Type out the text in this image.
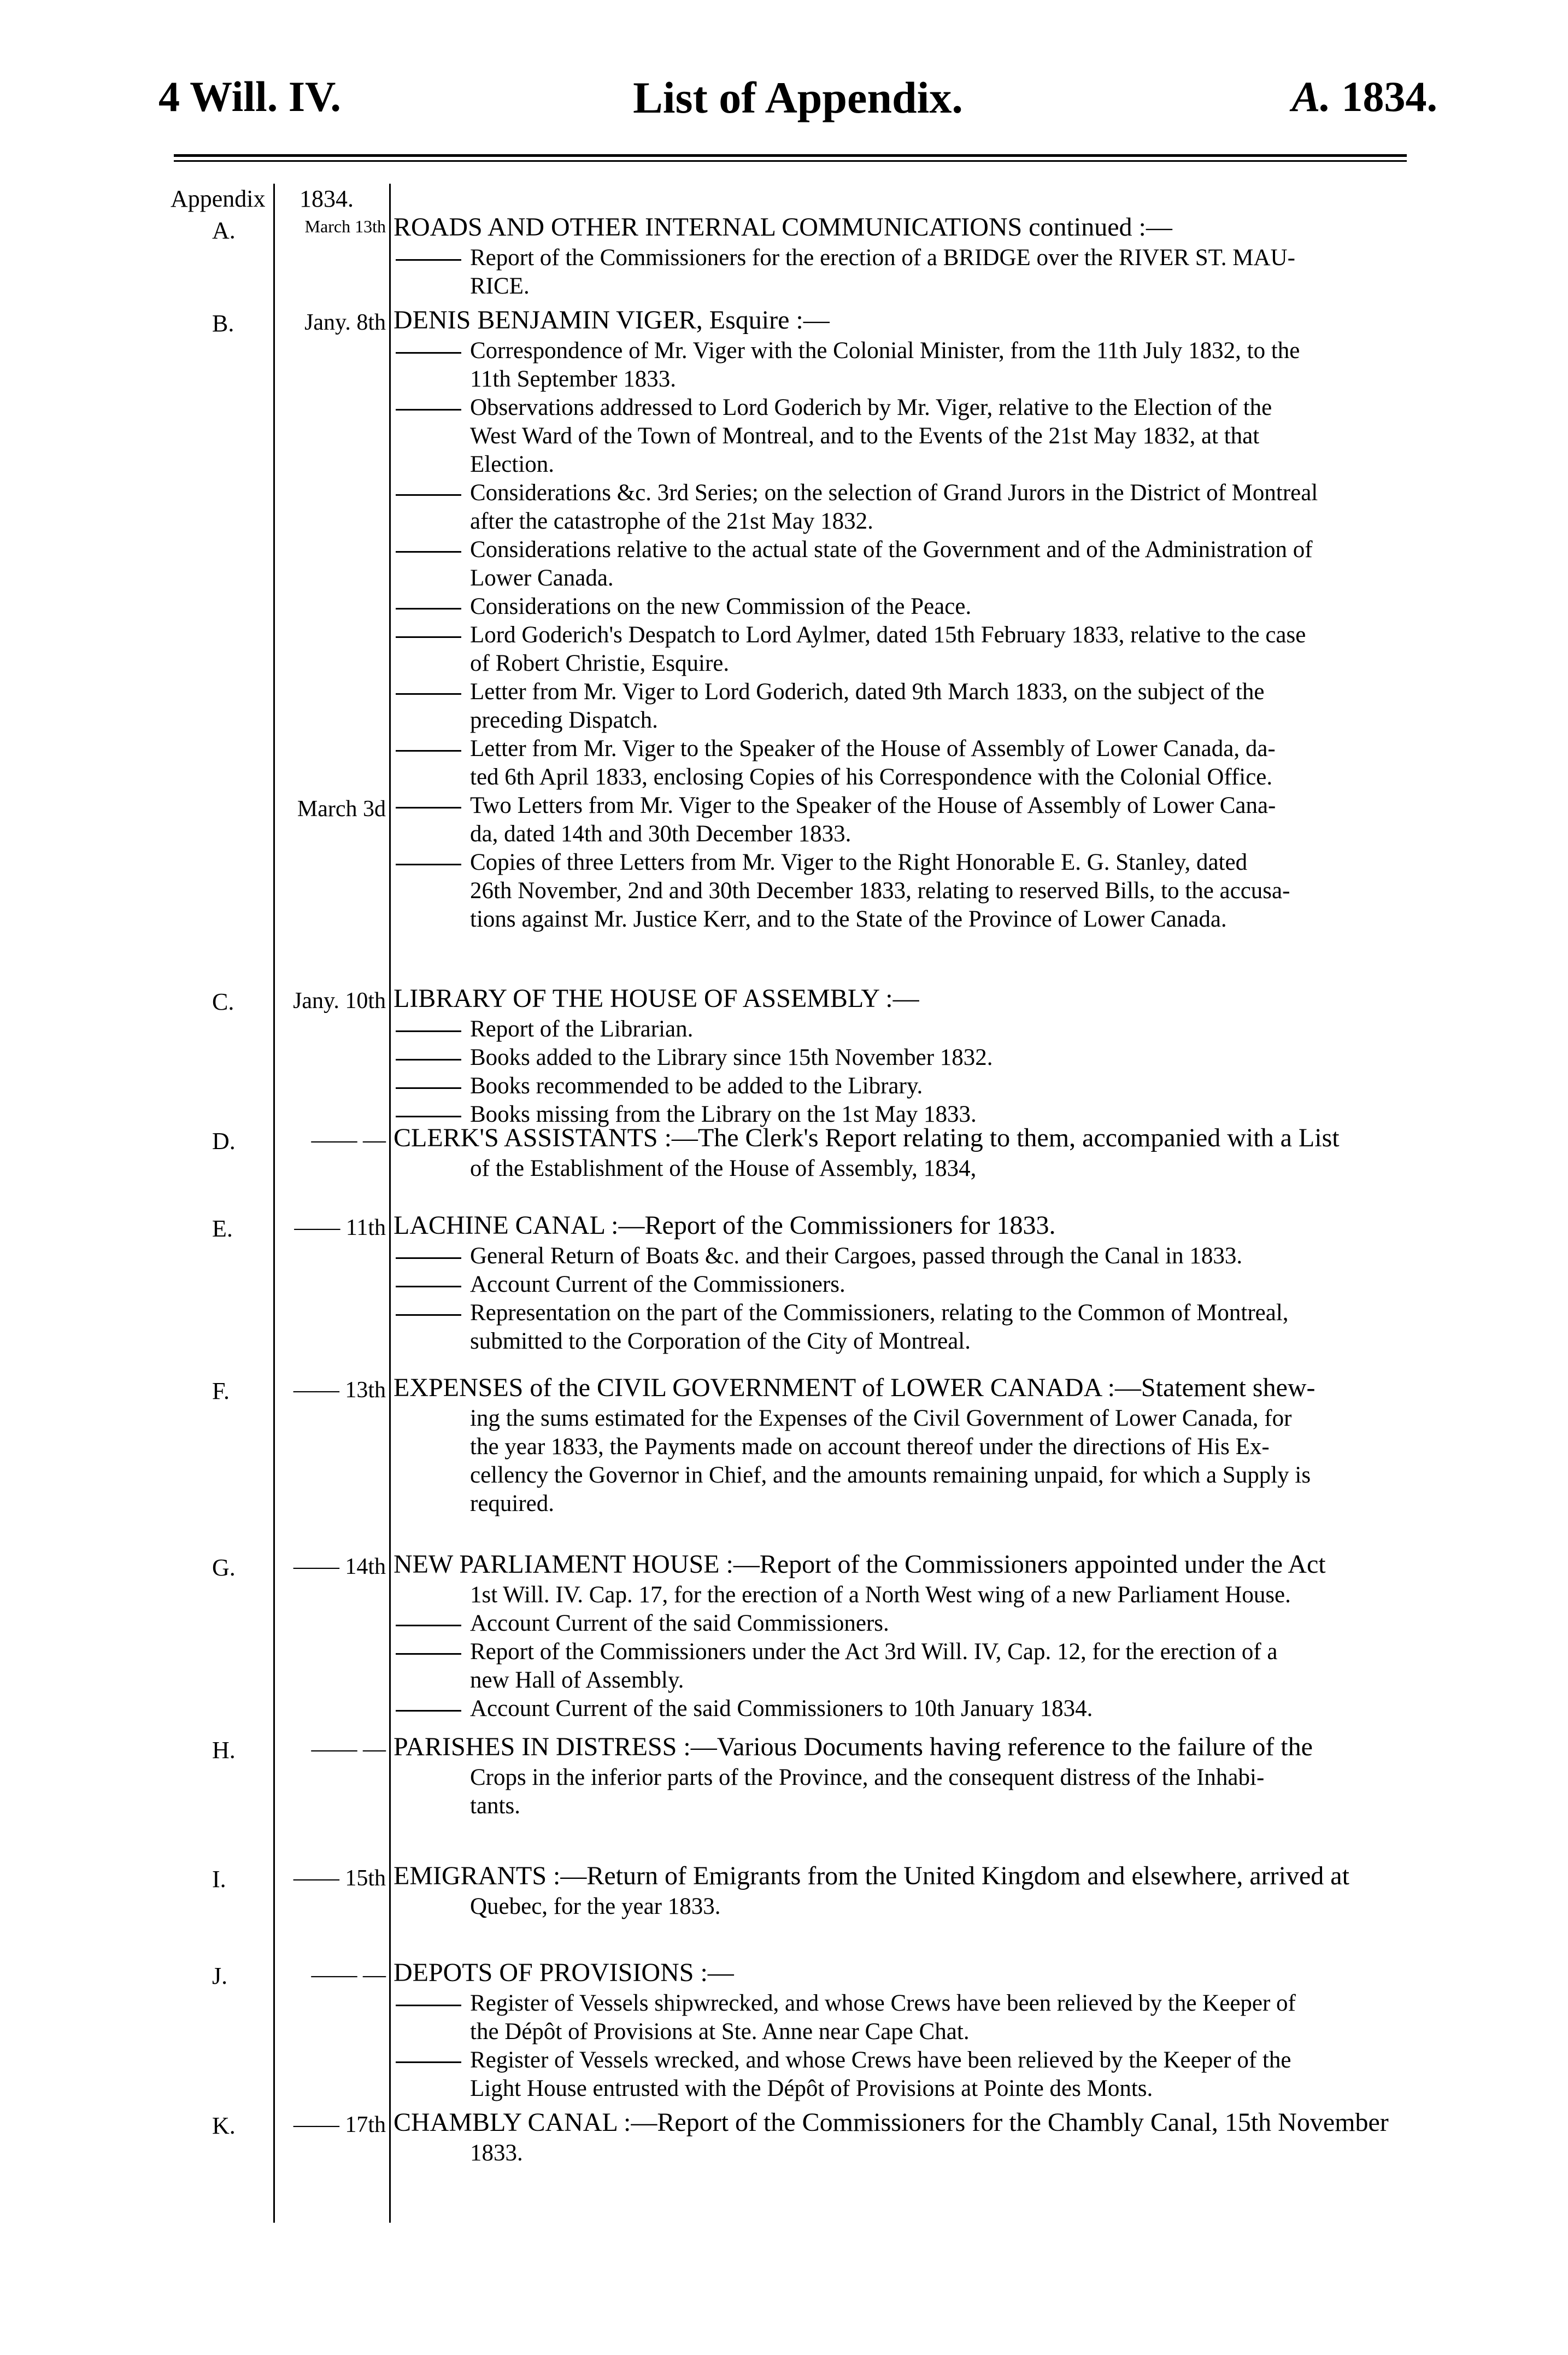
4 Will. IV.	List of Appendix.	A. 1834.
Appendix 1834.
A.	March 13th ROADS AND OTHER INTERNAL COMMUNICATIONS continued :—
Report of the Commissioners for the erection of a BRIDGE over the RIVER ST. MAU-
RICE.
B.	Jany. 8th DENIS BENJAMIN VIGER, Esquire :—
Correspondence of Mr. Viger with the Colonial Minister, from the 11th July 1832, to the
11th September 1833.
Observations addressed to Lord Goderich by Mr. Viger, relative to the Election of the
West Ward of the Town of Montreal, and to the Events of the 21st May 1832, at that
Election.
Considerations &c. 3rd Series; on the selection of Grand Jurors in the District of Montreal
after the catastrophe of the 21st May 1832.
Considerations relative to the actual state of the Government and of the Administration of
Lower Canada.
Considerations on the new Commission of the Peace.
Lord Goderich's Despatch to Lord Aylmer, dated 15th February 1833, relative to the case
of Robert Christie, Esquire.
Letter from Mr. Viger to Lord Goderich, dated 9th March 1833, on the subject of the
preceding Dispatch.
Letter from Mr. Viger to the Speaker of the House of Assembly of Lower Canada, da-
ted 6th April 1833, enclosing Copies of his Correspondence with the Colonial Office.
March 3d	Two Letters from Mr. Viger to the Speaker of the House of Assembly of Lower Cana-
da, dated 14th and 30th December 1833.
Copies of three Letters from Mr. Viger to the Right Honorable E. G. Stanley, dated
26th November, 2nd and 30th December 1833, relating to reserved Bills, to the accusa-
tions against Mr. Justice Kerr, and to the State of the Province of Lower Canada.
C.	Jany. 10th LIBRARY OF THE HOUSE OF ASSEMBLY :—
Report of the Librarian.
Books added to the Library since 15th November 1832.
Books recommended to be added to the Library.
Books missing from the Library on the 1st May 1833.
D.	—— — CLERK'S ASSISTANTS :—The Clerk's Report relating to them, accompanied with a List
of the Establishment of the House of Assembly, 1834,
E.	—— 11th LACHINE CANAL :—Report of the Commissioners for 1833.
General Return of Boats &c. and their Cargoes, passed through the Canal in 1833.
Account Current of the Commissioners.
Representation on the part of the Commissioners, relating to the Common of Montreal,
submitted to the Corporation of the City of Montreal.
F.	—— 13th EXPENSES of the CIVIL GOVERNMENT of LOWER CANADA :—Statement shew-
ing the sums estimated for the Expenses of the Civil Government of Lower Canada, for
the year 1833, the Payments made on account thereof under the directions of His Ex-
cellency the Governor in Chief, and the amounts remaining unpaid, for which a Supply is
required.
G.	—— 14th NEW PARLIAMENT HOUSE :—Report of the Commissioners appointed under the Act
1st Will. IV. Cap. 17, for the erection of a North West wing of a new Parliament House.
Account Current of the said Commissioners.
Report of the Commissioners under the Act 3rd Will. IV, Cap. 12, for the erection of a
new Hall of Assembly.
Account Current of the said Commissioners to 10th January 1834.
H.	—— — PARISHES IN DISTRESS :—Various Documents having reference to the failure of the
Crops in the inferior parts of the Province, and the consequent distress of the Inhabi-
tants.
I.	—— 15th EMIGRANTS :—Return of Emigrants from the United Kingdom and elsewhere, arrived at
Quebec, for the year 1833.
J.	—— — DEPOTS OF PROVISIONS :—
Register of Vessels shipwrecked, and whose Crews have been relieved by the Keeper of
the Dépôt of Provisions at Ste. Anne near Cape Chat.
Register of Vessels wrecked, and whose Crews have been relieved by the Keeper of the
Light House entrusted with the Dépôt of Provisions at Pointe des Monts.
K.	—— 17th CHAMBLY CANAL :—Report of the Commissioners for the Chambly Canal, 15th November
1833.
